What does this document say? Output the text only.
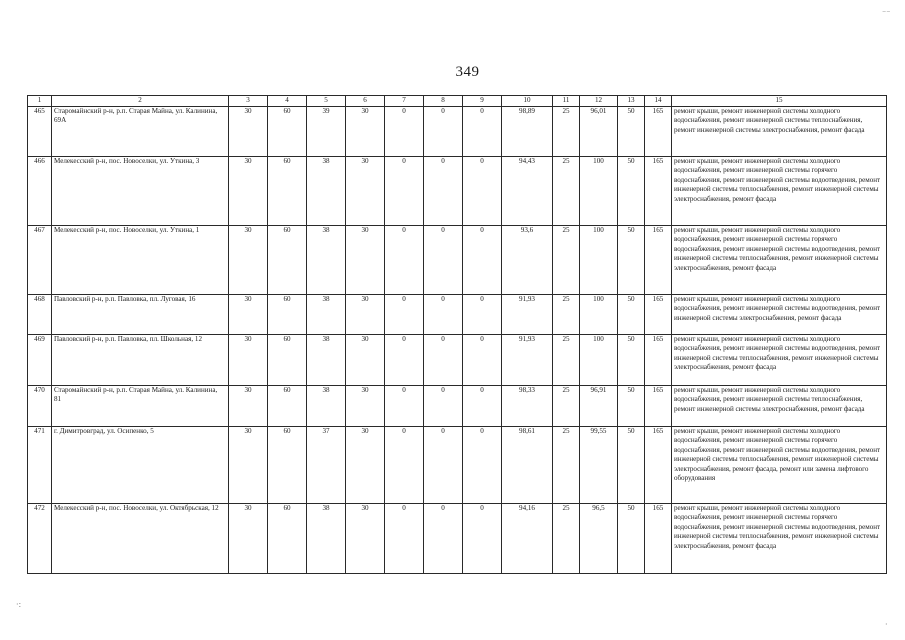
349
1	2	3	4	5	6	7	8	9	10	11	12	13	14	15
465	Старомайнский р-н, р.п. Старая Майна, ул. Калинина, 69А	30	60	39	30	0	0	0	98,89	25	96,01	50	165	ремонт крыши, ремонт инженерной системы холодного водоснабжения, ремонт инженерной системы теплоснабжения, ремонт инженерной системы электроснабжения, ремонт фасада
466	Мелекесский р-н, пос. Новоселки, ул. Уткина, 3	30	60	38	30	0	0	0	94,43	25	100	50	165	ремонт крыши, ремонт инженерной системы холодного водоснабжения, ремонт инженерной системы горячего водоснабжения, ремонт инженерной системы водоотведения, ремонт инженерной системы теплоснабжения, ремонт инженерной системы электроснабжения, ремонт фасада
467	Мелекесский р-н, пос. Новоселки, ул. Уткина, 1	30	60	38	30	0	0	0	93,6	25	100	50	165	ремонт крыши, ремонт инженерной системы холодного водоснабжения, ремонт инженерной системы горячего водоснабжения, ремонт инженерной системы водоотведения, ремонт инженерной системы теплоснабжения, ремонт инженерной системы электроснабжения, ремонт фасада
468	Павловский р-н, р.п. Павловка, пл. Луговая, 16	30	60	38	30	0	0	0	91,93	25	100	50	165	ремонт крыши, ремонт инженерной системы холодного водоснабжения, ремонт инженерной системы водоотведения, ремонт инженерной системы электроснабжения, ремонт фасада
469	Павловский р-н, р.п. Павловка, пл. Школьная, 12	30	60	38	30	0	0	0	91,93	25	100	50	165	ремонт крыши, ремонт инженерной системы холодного водоснабжения, ремонт инженерной системы водоотведения, ремонт инженерной системы теплоснабжения, ремонт инженерной системы электроснабжения, ремонт фасада
470	Старомайнский р-н, р.п. Старая Майна, ул. Калинина, 81	30	60	38	30	0	0	0	98,33	25	96,91	50	165	ремонт крыши, ремонт инженерной системы холодного водоснабжения, ремонт инженерной системы теплоснабжения, ремонт инженерной системы электроснабжения, ремонт фасада
471	г. Димитровград, ул. Осипенко, 5	30	60	37	30	0	0	0	98,61	25	99,55	50	165	ремонт крыши, ремонт инженерной системы холодного водоснабжения, ремонт инженерной системы горячего водоснабжения, ремонт инженерной системы водоотведения, ремонт инженерной системы теплоснабжения, ремонт инженерной системы электроснабжения, ремонт фасада, ремонт или замена лифтового оборудования
472	Мелекесский р-н, пос. Новоселки, ул. Октябрьская, 12	30	60	38	30	0	0	0	94,16	25	96,5	50	165	ремонт крыши, ремонт инженерной системы холодного водоснабжения, ремонт инженерной системы горячего водоснабжения, ремонт инженерной системы водоотведения, ремонт инженерной системы теплоснабжения, ремонт инженерной системы электроснабжения, ремонт фасада
⁻⁻
·:
·
